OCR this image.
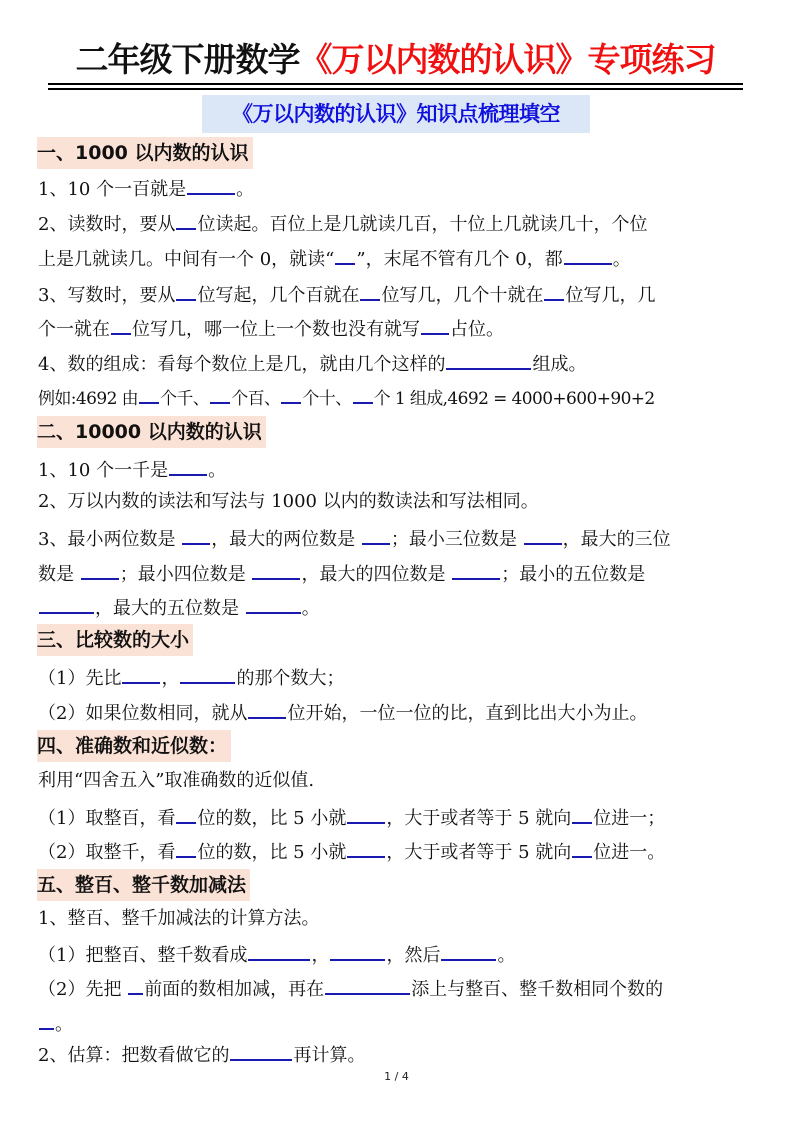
二年级下册数学《万以内数的认识》专项练习
《万以内数的认识》知识点梳理填空
一、1000 以内数的认识
1、10 个一百就是	。
2、读数时，要从 位读起。百位上是几就读几百，十位上几就读几十，个位
上是几就读几。中间有一个 0，就读“ ”，末尾不管有几个 0，都	。
3、写数时，要从 位写起，几个百就在 位写几，几个十就在 位写几，几
个一就在 位写几，哪一位上一个数也没有就写 占位。
4、数的组成：看每个数位上是几，就由几个这样的	组成。
例如:4692 由 个千、 个百、 个十、 个 1 组成,4692 = 4000+600+90+2
二、10000 以内数的认识
1、10 个一千是 。
2、万以内数的读法和写法与 1000 以内的数读法和写法相同。
3、最小两位数是 ，最大的两位数是 ；最小三位数是 ，最大的三位
数是 ；最小四位数是	，最大的四位数是	；最小的五位数是
，最大的五位数是	。
三、比较数的大小
（1）先比 ，	的那个数大；
（2）如果位数相同，就从 位开始，一位一位的比，直到比出大小为止。
四、准确数和近似数：
利用“四舍五入”取准确数的近似值.
（1）取整百，看 位的数，比 5 小就 ，大于或者等于 5 就向 位进一；
（2）取整千，看 位的数，比 5 小就 ，大于或者等于 5 就向 位进一。
五、整百、整千数加减法
1、整百、整千加减法的计算方法。
（1）把整百、整千数看成	，	，然后	。
（2）先把 前面的数相加减，再在	添上与整百、整千数相同个数的
。
2、估算：把数看做它的	再计算。
1 / 4
